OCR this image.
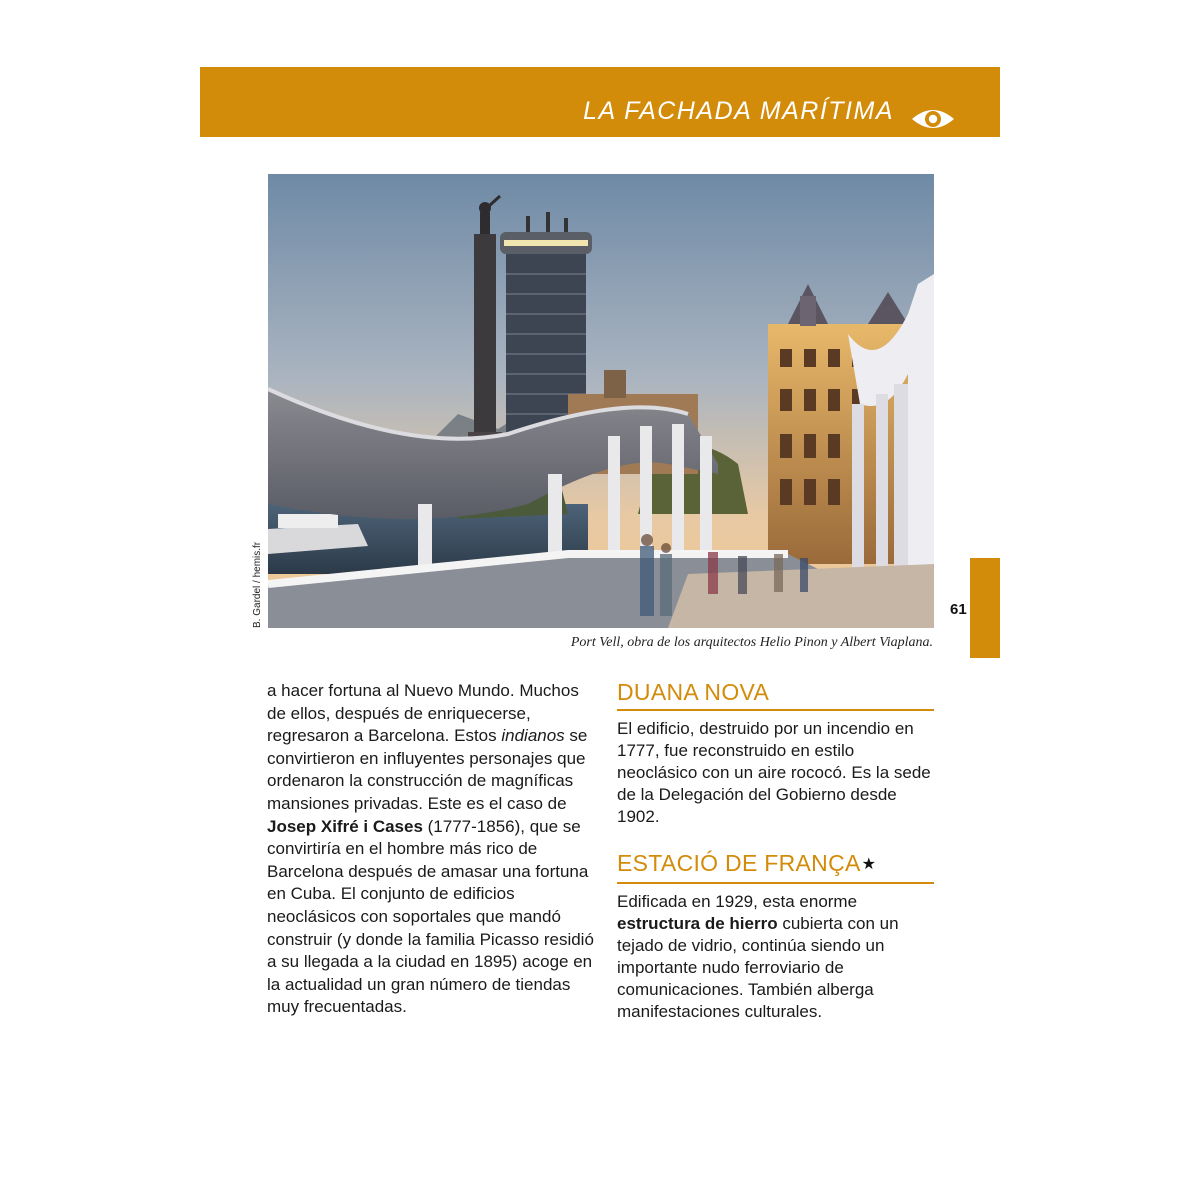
LA FACHADA MARÍTIMA
B. Gardel / hemis.fr
Port Vell, obra de los arquitectos Helio Pinon y Albert Viaplana.
61

a hacer fortuna al Nuevo Mundo. Muchos de ellos, después de enriquecerse, regresaron a Barcelona. Estos indianos se convirtieron en influyentes personajes que ordenaron la construcción de magníficas mansiones privadas. Este es el caso de Josep Xifré i Cases (1777-1856), que se convirtiría en el hombre más rico de Barcelona después de amasar una fortuna en Cuba. El conjunto de edificios neoclásicos con soportales que mandó construir (y donde la familia Picasso residió a su llegada a la ciudad en 1895) acoge en la actualidad un gran número de tiendas muy frecuentadas.

DUANA NOVA
El edificio, destruido por un incendio en 1777, fue reconstruido en estilo neoclásico con un aire rococó. Es la sede de la Delegación del Gobierno desde 1902.
ESTACIÓ DE FRANÇA★
Edificada en 1929, esta enorme estructura de hierro cubierta con un tejado de vidrio, continúa siendo un importante nudo ferroviario de comunicaciones. También alberga manifestaciones culturales.
